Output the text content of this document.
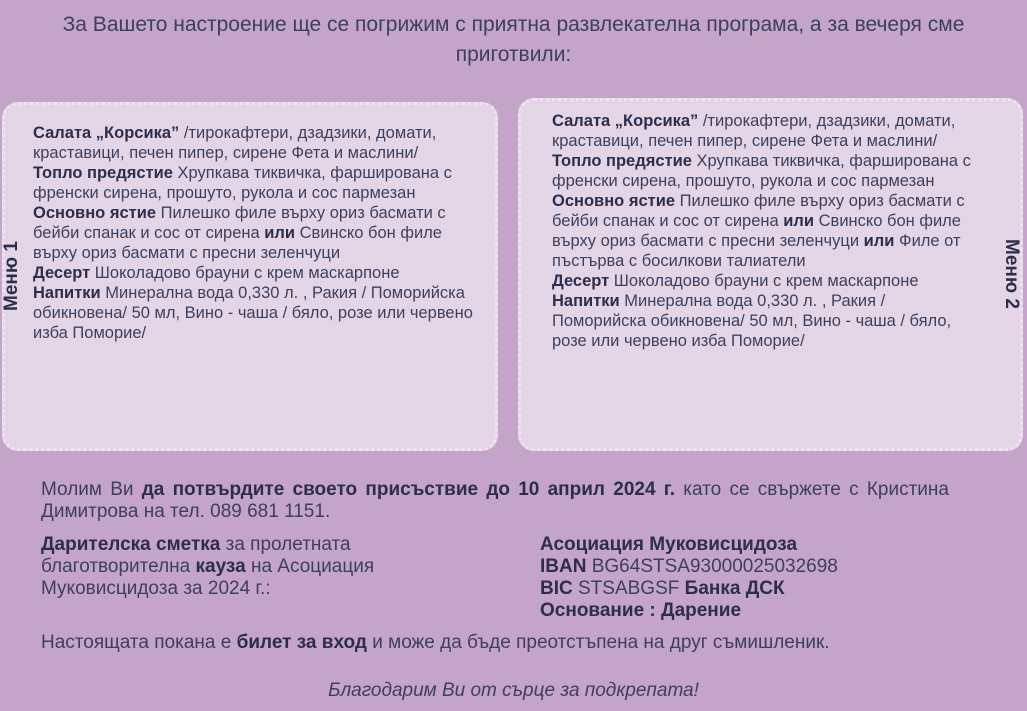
За Вашето настроение ще се погрижим с приятна развлекателна програма, а за вечеря сме приготвили:
Меню 1
Салата „Корсика” /тирокафтери, дзадзики, домати, краставици, печен пипер, сирене Фета и маслини/
Топло предястие Хрупкава тиквичка, фарширована с френски сирена, прошуто, рукола и сос пармезан
Основно ястие Пилешко филе върху ориз басмати с бейби спанак и сос от сирена или Свинско бон филе върху ориз басмати с пресни зеленчуци
Десерт Шоколадово брауни с крем маскарпоне
Напитки Минерална вода 0,330 л. , Ракия / Поморийска обикновена/ 50 мл, Вино - чаша / бяло, розе или червено изба Поморие/
Меню 2
Салата „Корсика” /тирокафтери, дзадзики, домати, краставици, печен пипер, сирене Фета и маслини/
Топло предястие Хрупкава тиквичка, фарширована с френски сирена, прошуто, рукола и сос пармезан
Основно ястие Пилешко филе върху ориз басмати с бейби спанак и сос от сирена или Свинско бон филе върху ориз басмати с пресни зеленчуци или Филе от пъстърва с босилкови талиатели
Десерт Шоколадово брауни с крем маскарпоне
Напитки Минерална вода 0,330 л. , Ракия / Поморийска обикновена/ 50 мл, Вино - чаша / бяло, розе или червено изба Поморие/
Молим Ви да потвърдите своето присъствие до 10 април 2024 г. като се свържете с Кристина Димитрова на тел. 089 681 1151.
Дарителска сметка за пролетната благотворителна кауза на Асоциация Муковисцидоза за 2024 г.:
Асоциация Муковисцидоза
IBAN BG64STSA93000025032698
BIC STSABGSF Банка ДСК
Основание : Дарение
Настоящата покана е билет за вход и може да бъде преотстъпена на друг съмишленик.
Благодарим Ви от сърце за подкрепата!
